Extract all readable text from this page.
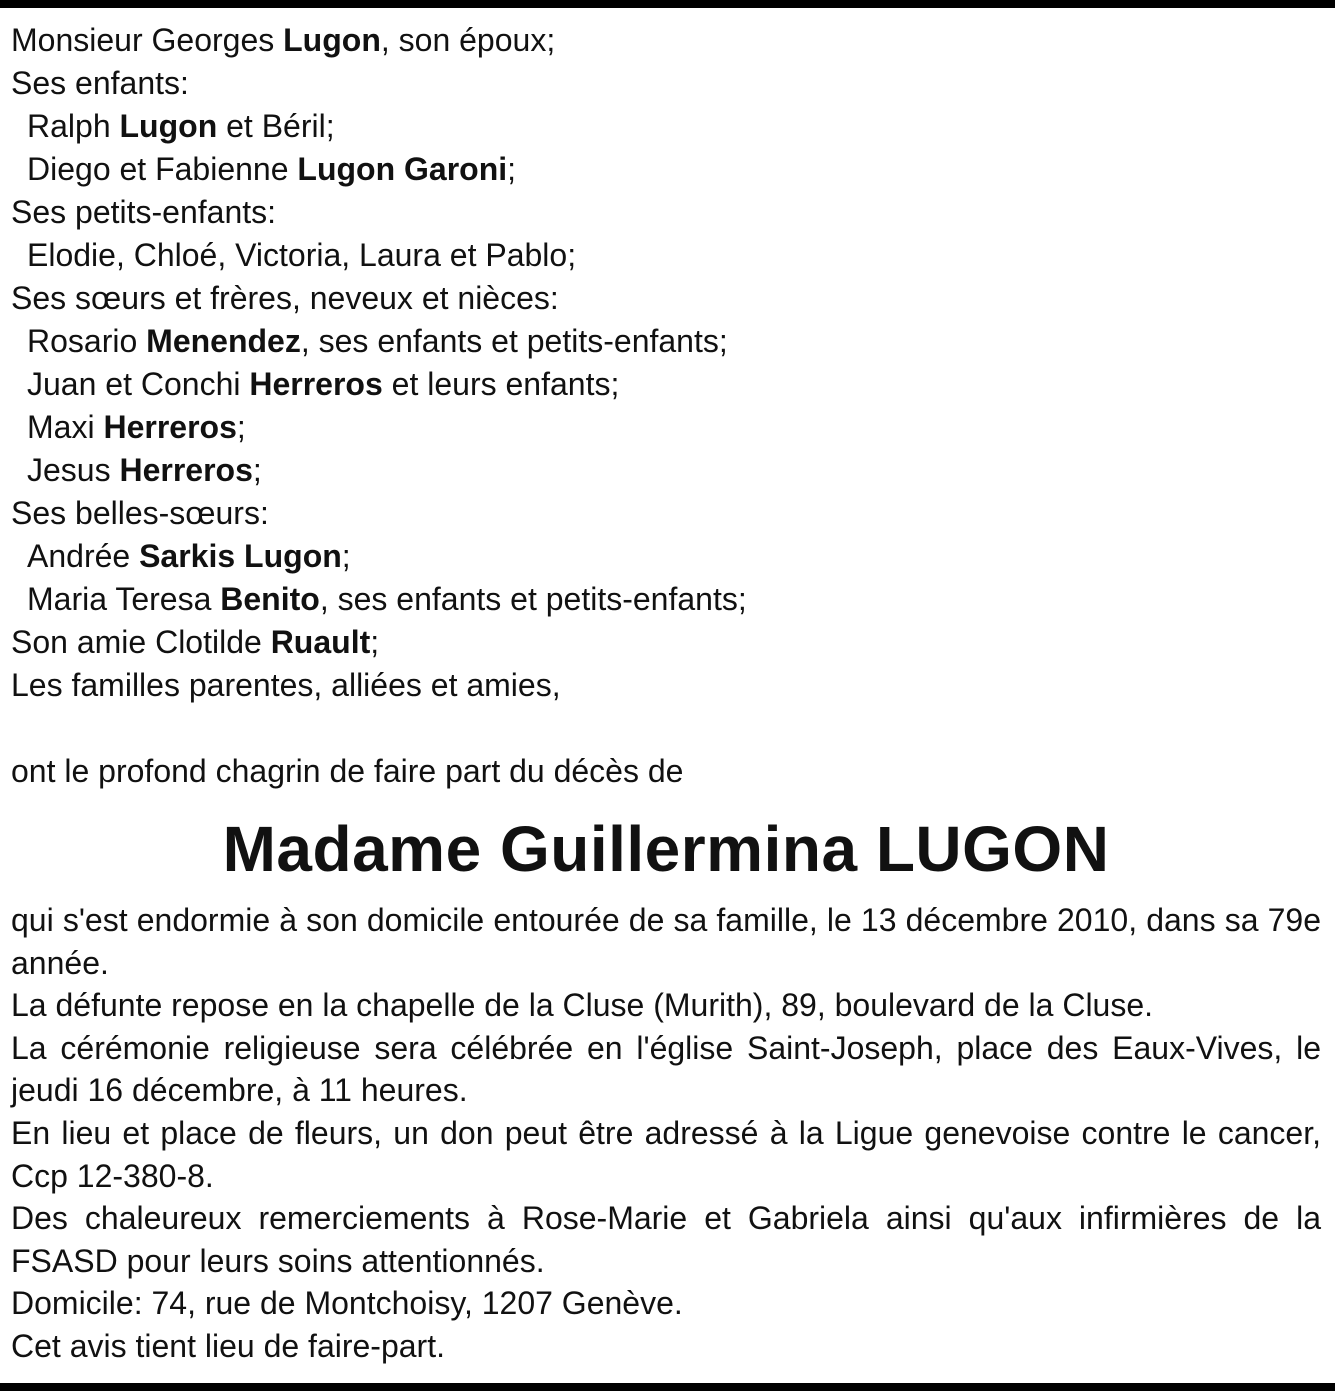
Monsieur Georges Lugon, son époux;
Ses enfants:
Ralph Lugon et Béril;
Diego et Fabienne Lugon Garoni;
Ses petits-enfants:
Elodie, Chloé, Victoria, Laura et Pablo;
Ses sœurs et frères, neveux et nièces:
Rosario Menendez, ses enfants et petits-enfants;
Juan et Conchi Herreros et leurs enfants;
Maxi Herreros;
Jesus Herreros;
Ses belles-sœurs:
Andrée Sarkis Lugon;
Maria Teresa Benito, ses enfants et petits-enfants;
Son amie Clotilde Ruault;
Les familles parentes, alliées et amies,
ont le profond chagrin de faire part du décès de
Madame Guillermina LUGON
qui s'est endormie à son domicile entourée de sa famille, le 13 décembre 2010, dans sa 79e année.
La défunte repose en la chapelle de la Cluse (Murith), 89, boulevard de la Cluse.
La cérémonie religieuse sera célébrée en l'église Saint-Joseph, place des Eaux-Vives, le jeudi 16 décembre, à 11 heures.
En lieu et place de fleurs, un don peut être adressé à la Ligue genevoise contre le cancer, Ccp 12-380-8.
Des chaleureux remerciements à Rose-Marie et Gabriela ainsi qu'aux infirmières de la FSASD pour leurs soins attentionnés.
Domicile: 74, rue de Montchoisy, 1207 Genève.
Cet avis tient lieu de faire-part.
